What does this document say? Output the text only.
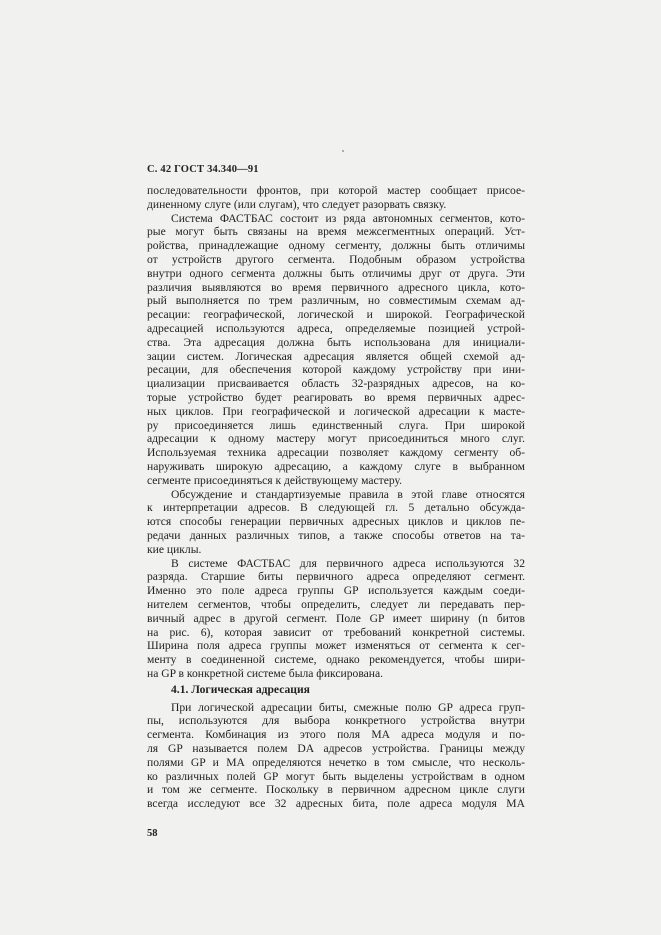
С. 42 ГОСТ 34.340—91
последовательности фронтов, при которой мастер сообщает присое-
диненному слуге (или слугам), что следует разорвать связку.
Система ФАСТБАС состоит из ряда автономных сегментов, кото-
рые могут быть связаны на время межсегментных операций. Уст-
ройства, принадлежащие одному сегменту, должны быть отличимы
от устройств другого сегмента. Подобным образом устройства
внутри одного сегмента должны быть отличимы друг от друга. Эти
различия выявляются во время первичного адресного цикла, кото-
рый выполняется по трем различным, но совместимым схемам ад-
ресации: географической, логической и широкой. Географической
адресацией используются адреса, определяемые позицией устрой-
ства. Эта адресация должна быть использована для инициали-
зации систем. Логическая адресация является общей схемой ад-
ресации, для обеспечения которой каждому устройству при ини-
циализации присваивается область 32-разрядных адресов, на ко-
торые устройство будет реагировать во время первичных адрес-
ных циклов. При географической и логической адресации к масте-
ру присоединяется лишь единственный слуга. При широкой
адресации к одному мастеру могут присоединиться много слуг.
Используемая техника адресации позволяет каждому сегменту об-
наруживать широкую адресацию, а каждому слуге в выбранном
сегменте присоединяться к действующему мастеру.
Обсуждение и стандартизуемые правила в этой главе относятся
к интерпретации адресов. В следующей гл. 5 детально обсужда-
ются способы генерации первичных адресных циклов и циклов пе-
редачи данных различных типов, а также способы ответов на та-
кие циклы.
В системе ФАСТБАС для первичного адреса используются 32
разряда. Старшие биты первичного адреса определяют сегмент.
Именно это поле адреса группы GP используется каждым соеди-
нителем сегментов, чтобы определить, следует ли передавать пер-
вичный адрес в другой сегмент. Поле GP имеет ширину (n битов
на рис. 6), которая зависит от требований конкретной системы.
Ширина поля адреса группы может изменяться от сегмента к сег-
менту в соединенной системе, однако рекомендуется, чтобы шири-
на GP в конкретной системе была фиксирована.
4.1. Логическая адресация
При логической адресации биты, смежные полю GP адреса груп-
пы, используются для выбора конкретного устройства внутри
сегмента. Комбинация из этого поля МА адреса модуля и по-
ля GP называется полем DA адресов устройства. Границы между
полями GP и МА определяются нечетко в том смысле, что несколь-
ко различных полей GP могут быть выделены устройствам в одном
и том же сегменте. Поскольку в первичном адресном цикле слуги
всегда исследуют все 32 адресных бита, поле адреса модуля МА
58
